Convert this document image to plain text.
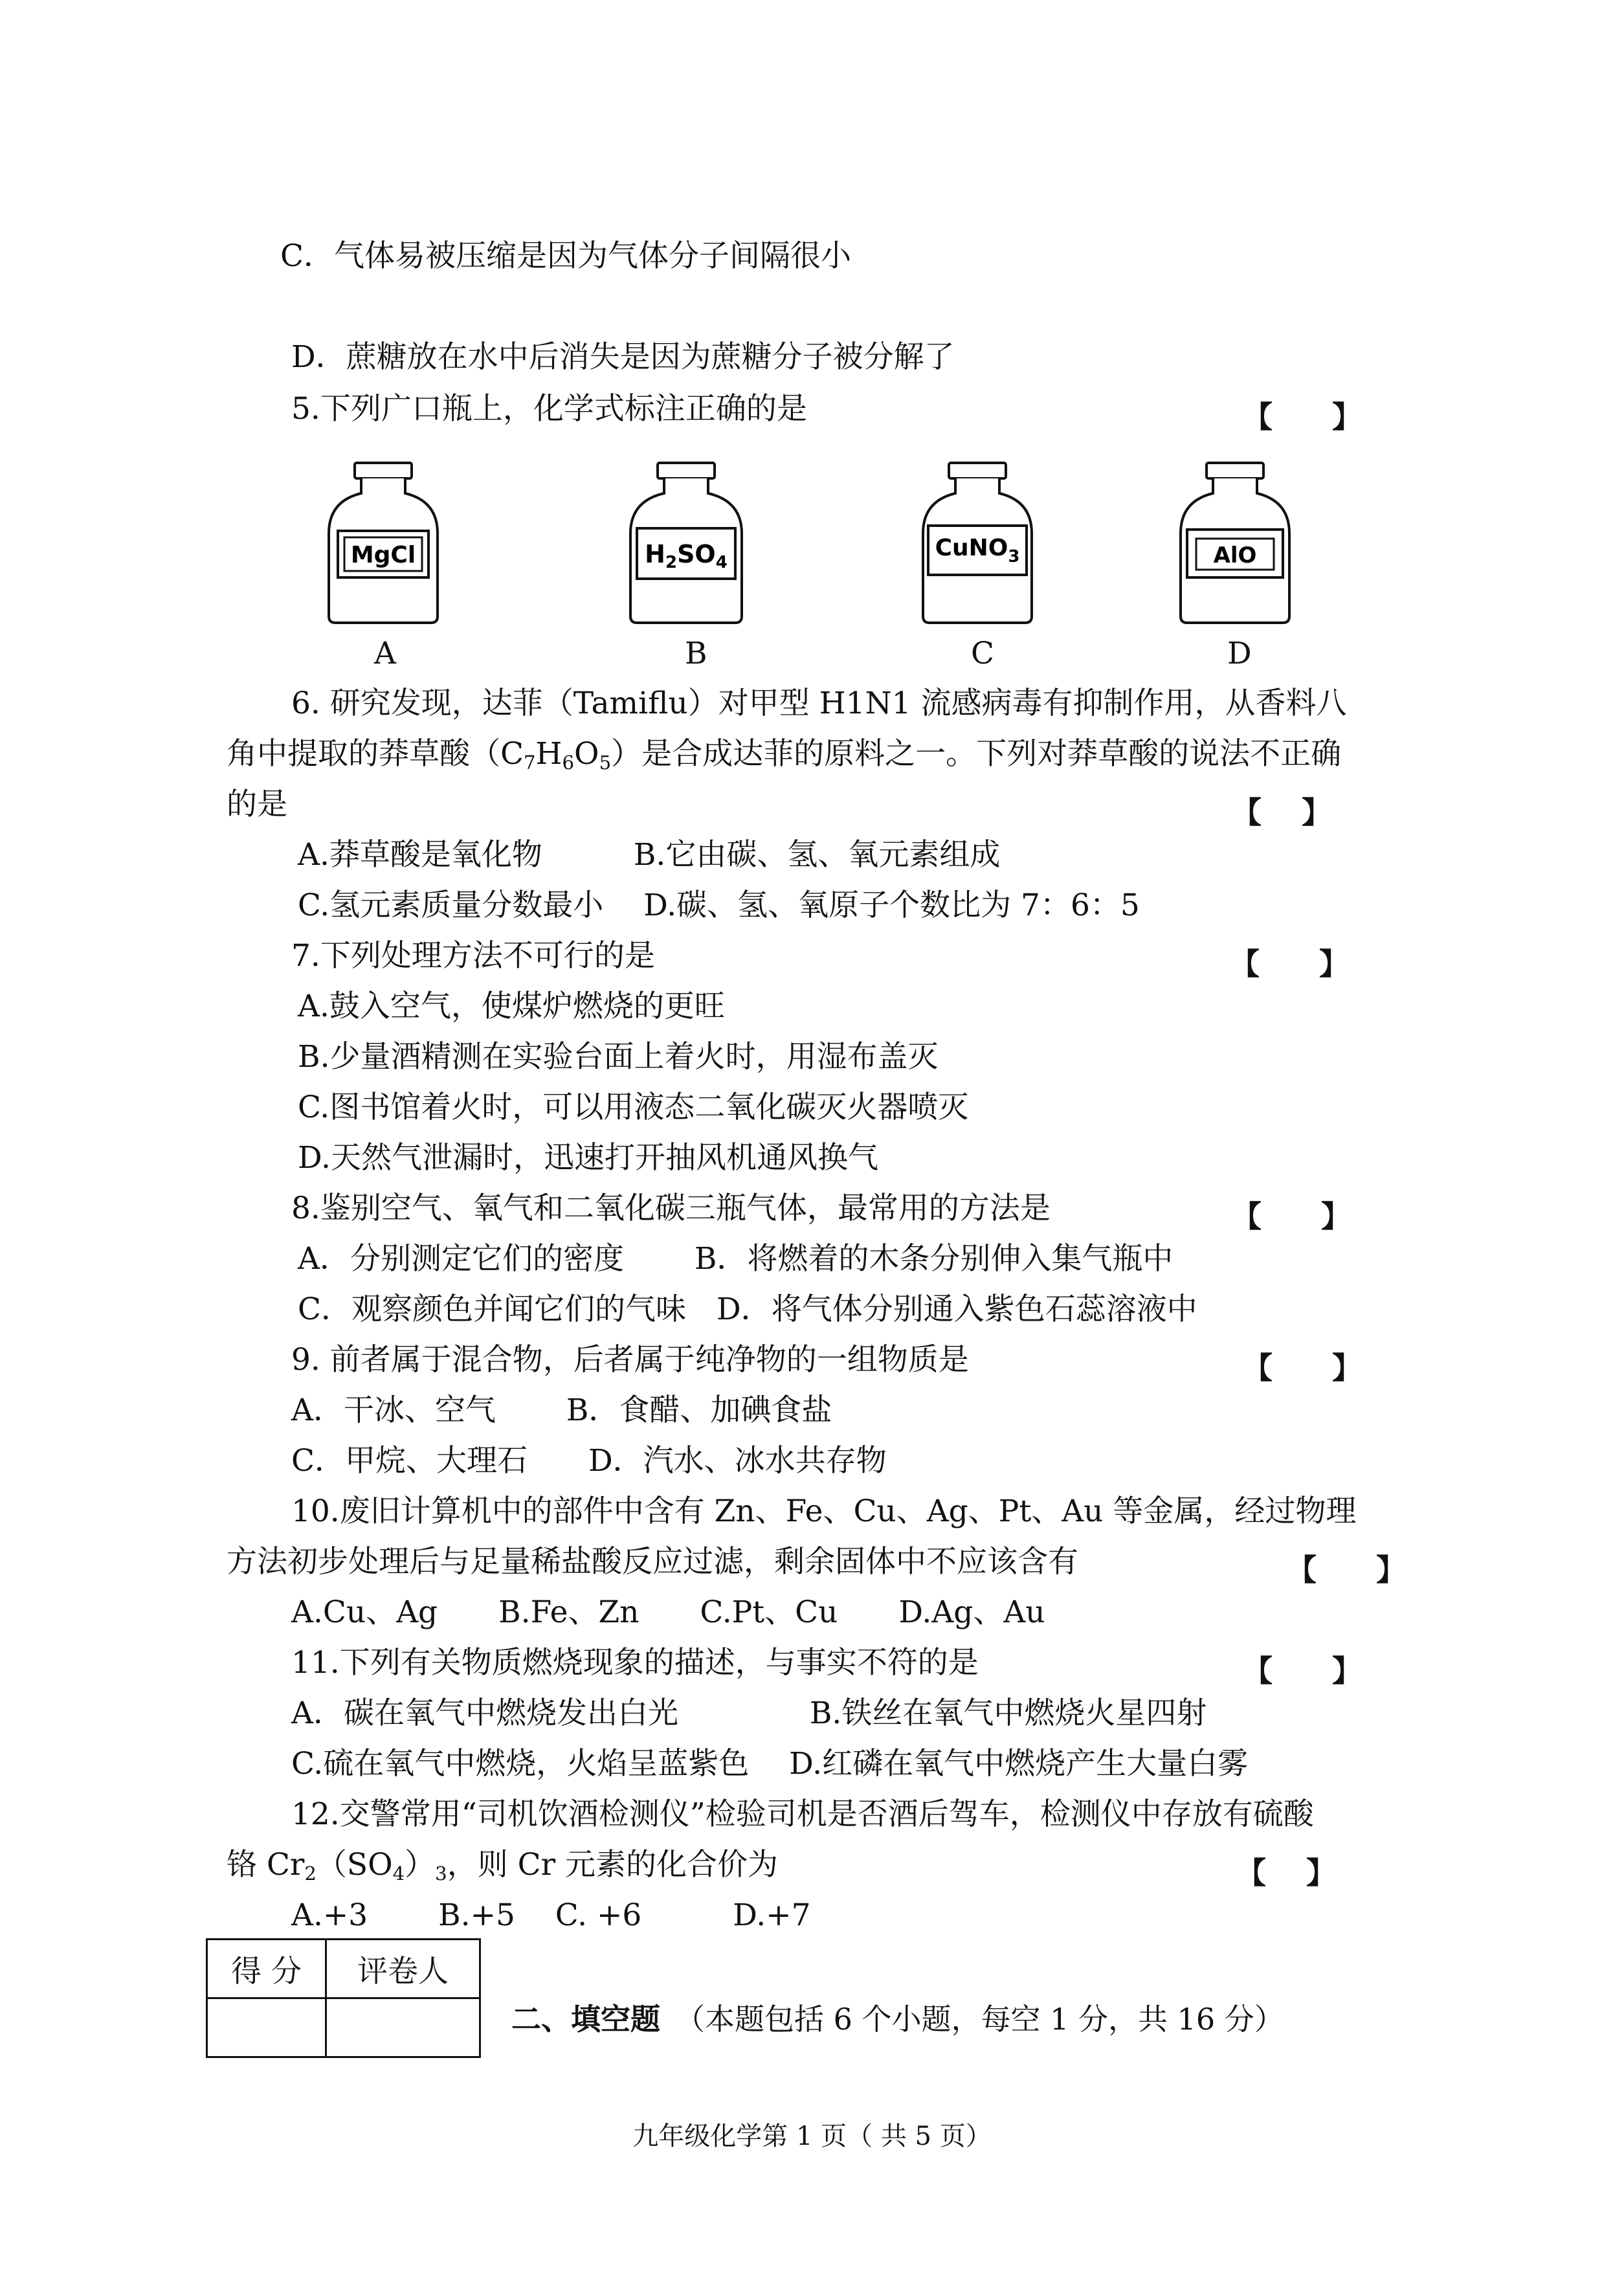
C．气体易被压缩是因为气体分子间隔很小
D．蔗糖放在水中后消失是因为蔗糖分子被分解了
5.下列广口瓶上，化学式标注正确的是	【　　】
MgCl
A
$H_2SO_4$
B
CuNO$_3$
C
AlO
D
6. 研究发现，达菲（Tamiflu）对甲型 H1N1 流感病毒有抑制作用，从香料八
角中提取的莽草酸$(C_7H_6O_5)$是合成达菲的原料之一。下列对莽草酸的说法不正确
的是	【　 】
A.莽草酸是氧化物　　　B.它由碳、氢、氧元素组成
C.氢元素质量分数最小　 D.碳、氢、氧原子个数比为 7：6：5
7.下列处理方法不可行的是	【　　】
A.鼓入空气，使煤炉燃烧的更旺
B.少量酒精测在实验台面上着火时，用湿布盖灭
C.图书馆着火时，可以用液态二氧化碳灭火器喷灭
D.天然气泄漏时，迅速打开抽风机通风换气
8.鉴别空气、氧气和二氧化碳三瓶气体，最常用的方法是	【　　】
A．分别测定它们的密度　　 B．将燃着的木条分别伸入集气瓶中
C．观察颜色并闻它们的气味　D．将气体分别通入紫色石蕊溶液中
9. 前者属于混合物，后者属于纯净物的一组物质是	【　　】
A．干冰、空气　　 B．食醋、加碘食盐
C．甲烷、大理石　　D．汽水、冰水共存物
10.废旧计算机中的部件中含有 Zn、Fe、Cu、Ag、Pt、Au 等金属，经过物理
方法初步处理后与足量稀盐酸反应过滤，剩余固体中不应该含有	【　　】
A.Cu、Ag　　B.Fe、Zn　　C.Pt、Cu　　D.Ag、Au
11.下列有关物质燃烧现象的描述，与事实不符的是	【　　】
A．碳在氧气中燃烧发出白光　　　　 B.铁丝在氧气中燃烧火星四射
C.硫在氧气中燃烧，火焰呈蓝紫色　 D.红磷在氧气中燃烧产生大量白雾
12.交警常用“司机饮酒检测仪”检验司机是否酒后驾车，检测仪中存放有硫酸
铬 $Cr_2(SO_4)_3$，则 Cr 元素的化合价为	【　 】
A.+3　　 B.+5　 C. +6　　　D.+7
得 分	评卷人

二、填空题　 （本题包括 6 个小题，每空 1 分，共 16 分）
九年级化学第 1 页（ 共 5 页）
